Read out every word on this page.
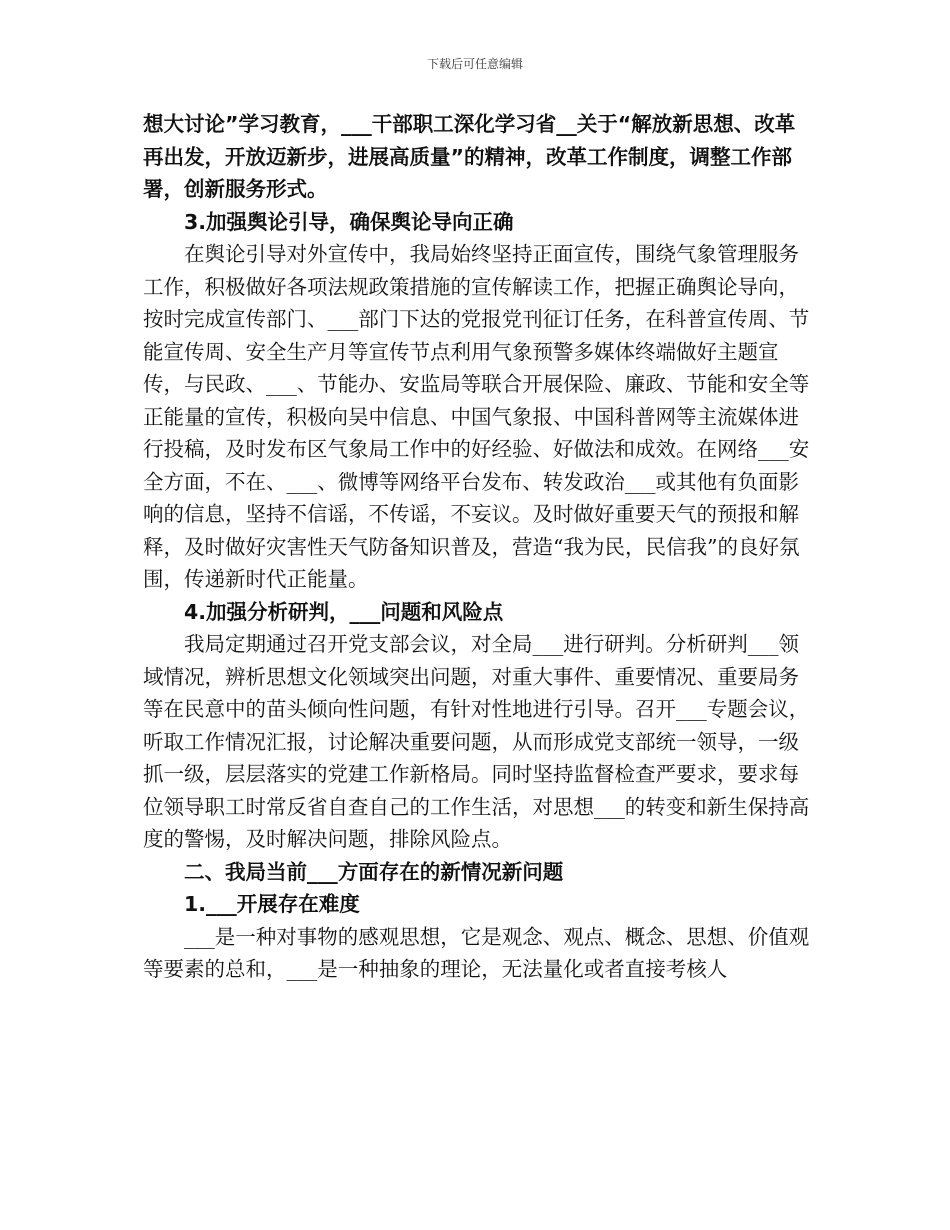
下载后可任意编辑

想大讨论”学习教育，___干部职工深化学习省__关于“解放新思想、改革再出发，开放迈新步，进展高质量”的精神，改革工作制度，调整工作部署，创新服务形式。

3.加强舆论引导，确保舆论导向正确

在舆论引导对外宣传中，我局始终坚持正面宣传，围绕气象管理服务工作，积极做好各项法规政策措施的宣传解读工作，把握正确舆论导向，按时完成宣传部门、___部门下达的党报党刊征订任务，在科普宣传周、节能宣传周、安全生产月等宣传节点利用气象预警多媒体终端做好主题宣传，与民政、___、节能办、安监局等联合开展保险、廉政、节能和安全等正能量的宣传，积极向吴中信息、中国气象报、中国科普网等主流媒体进行投稿，及时发布区气象局工作中的好经验、好做法和成效。在网络___安全方面，不在、___、微博等网络平台发布、转发政治___或其他有负面影响的信息，坚持不信谣，不传谣，不妄议。及时做好重要天气的预报和解释，及时做好灾害性天气防备知识普及，营造“我为民，民信我”的良好氛围，传递新时代正能量。

4.加强分析研判，___问题和风险点

我局定期通过召开党支部会议，对全局___进行研判。分析研判___领域情况，辨析思想文化领域突出问题，对重大事件、重要情况、重要局务等在民意中的苗头倾向性问题，有针对性地进行引导。召开___专题会议，听取工作情况汇报，讨论解决重要问题，从而形成党支部统一领导，一级抓一级，层层落实的党建工作新格局。同时坚持监督检查严要求，要求每位领导职工时常反省自查自己的工作生活，对思想___的转变和新生保持高度的警惕，及时解决问题，排除风险点。

二、我局当前___方面存在的新情况新问题

1.___开展存在难度

___是一种对事物的感观思想，它是观念、观点、概念、思想、价值观等要素的总和，___是一种抽象的理论，无法量化或者直接考核人
